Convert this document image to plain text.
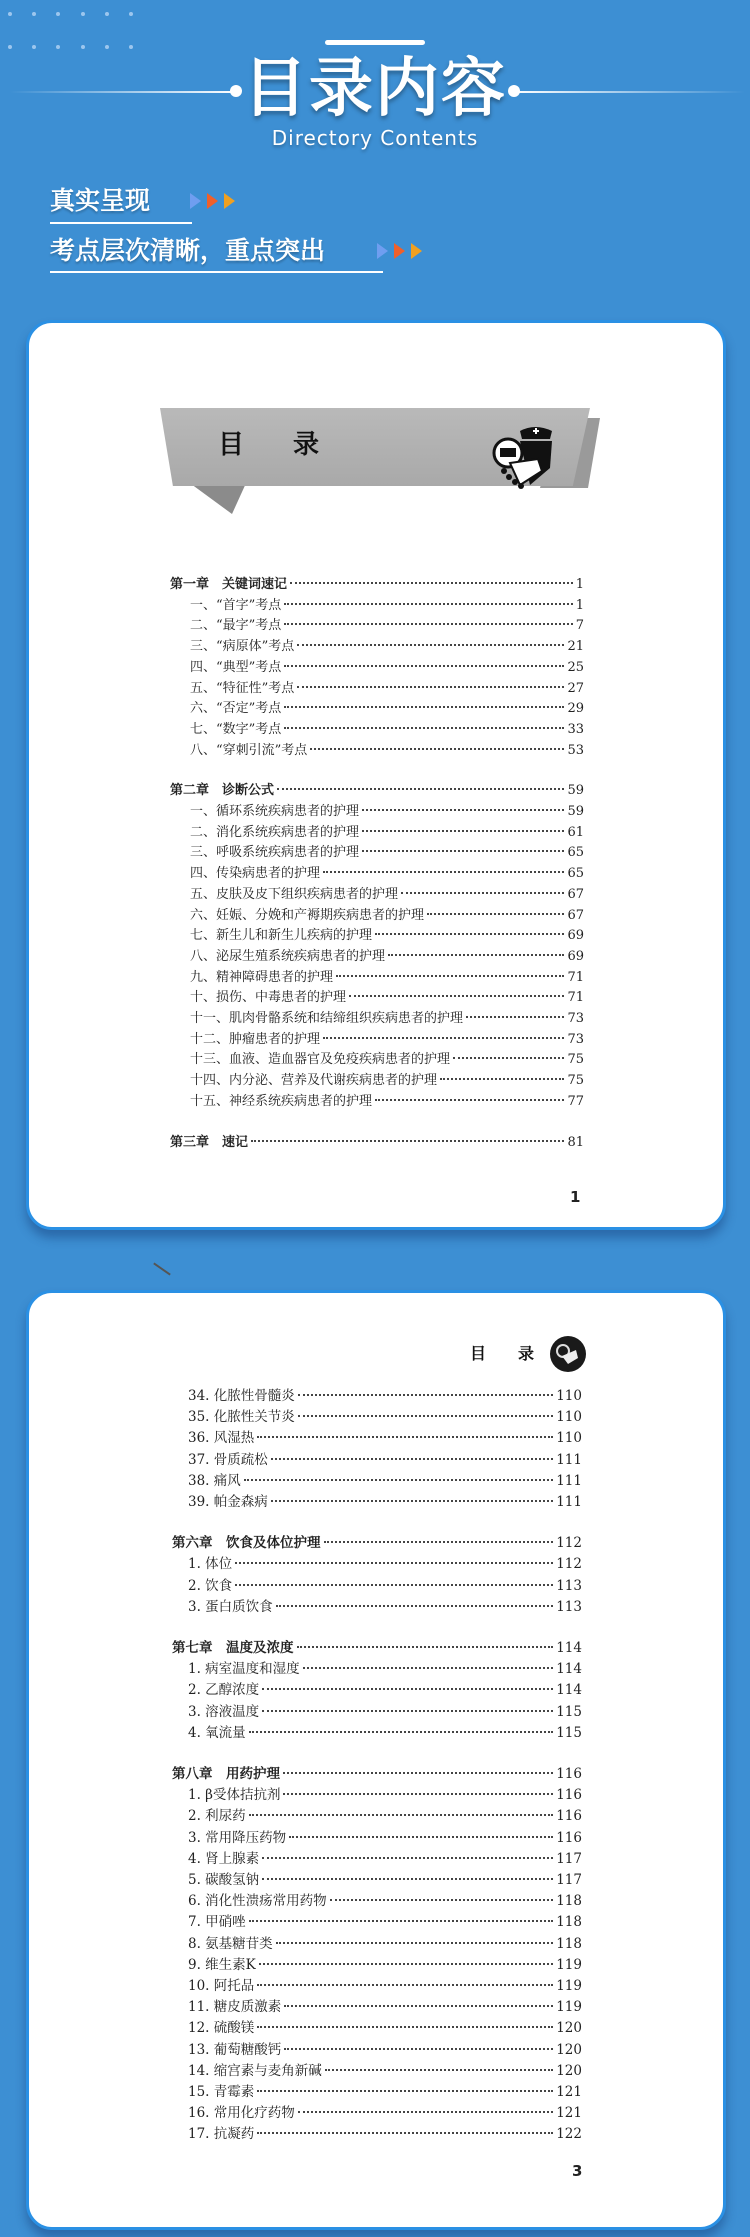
目录内容
Directory Contents
真实呈现
考点层次清晰，重点突出
目 录
第一章　关键词速记	1
一、“首字”考点	1
二、“最字”考点	7
三、“病原体”考点	21
四、“典型”考点	25
五、“特征性”考点	27
六、“否定”考点	29
七、“数字”考点	33
八、“穿刺引流”考点	53
第二章　诊断公式	59
一、循环系统疾病患者的护理	59
二、消化系统疾病患者的护理	61
三、呼吸系统疾病患者的护理	65
四、传染病患者的护理	65
五、皮肤及皮下组织疾病患者的护理	67
六、妊娠、分娩和产褥期疾病患者的护理	67
七、新生儿和新生儿疾病的护理	69
八、泌尿生殖系统疾病患者的护理	69
九、精神障碍患者的护理	71
十、损伤、中毒患者的护理	71
十一、肌肉骨骼系统和结缔组织疾病患者的护理	73
十二、肿瘤患者的护理	73
十三、血液、造血器官及免疫疾病患者的护理	75
十四、内分泌、营养及代谢疾病患者的护理	75
十五、神经系统疾病患者的护理	77
第三章　速记	81
1
目　　录
34. 化脓性骨髓炎	110
35. 化脓性关节炎	110
36. 风湿热	110
37. 骨质疏松	111
38. 痛风	111
39. 帕金森病	111
第六章　饮食及体位护理	112
1. 体位	112
2. 饮食	113
3. 蛋白质饮食	113
第七章　温度及浓度	114
1. 病室温度和湿度	114
2. 乙醇浓度	114
3. 溶液温度	115
4. 氧流量	115
第八章　用药护理	116
1. β受体拮抗剂	116
2. 利尿药	116
3. 常用降压药物	116
4. 肾上腺素	117
5. 碳酸氢钠	117
6. 消化性溃疡常用药物	118
7. 甲硝唑	118
8. 氨基糖苷类	118
9. 维生素K	119
10. 阿托品	119
11. 糖皮质激素	119
12. 硫酸镁	120
13. 葡萄糖酸钙	120
14. 缩宫素与麦角新碱	120
15. 青霉素	121
16. 常用化疗药物	121
17. 抗凝药	122
3
